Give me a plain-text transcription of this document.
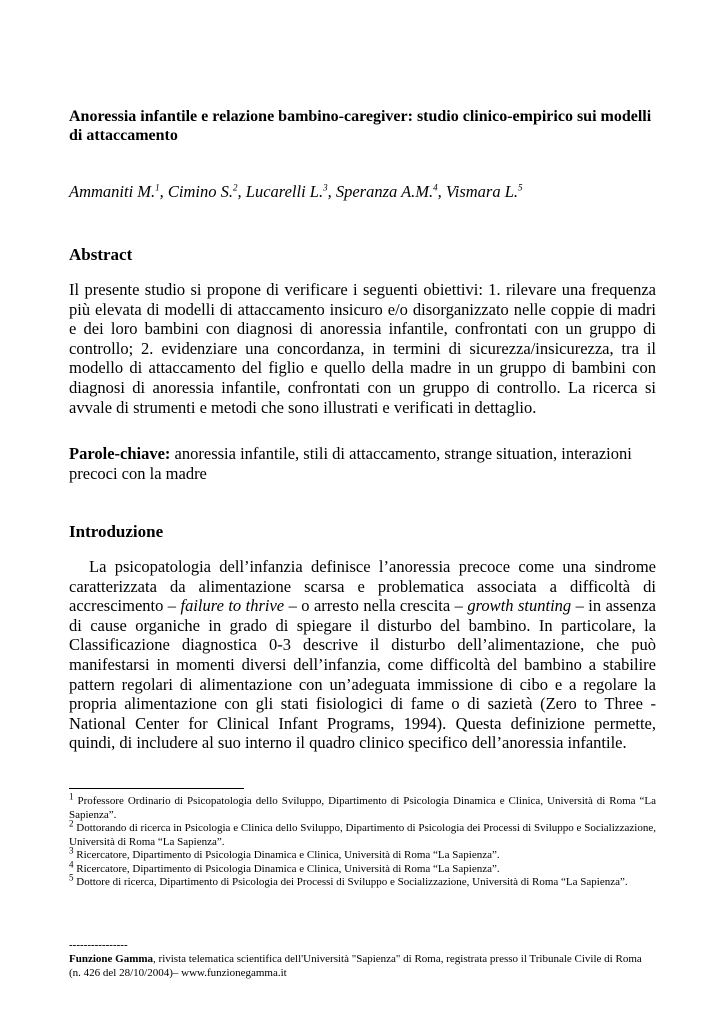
Anoressia infantile e relazione bambino-caregiver: studio clinico-empirico sui modelli di attaccamento

Ammaniti M.$^1$, Cimino S.$^2$, Lucarelli L.$^3$, Speranza A.M.$^4$, Vismara L.$^5$

Abstract

Il presente studio si propone di verificare i seguenti obiettivi: 1. rilevare una frequenza più elevata di modelli di attaccamento insicuro e/o disorganizzato nelle coppie di madri e dei loro bambini con diagnosi di anoressia infantile, confrontati con un gruppo di controllo; 2. evidenziare una concordanza, in termini di sicurezza/insicurezza, tra il modello di attaccamento del figlio e quello della madre in un gruppo di bambini con diagnosi di anoressia infantile, confrontati con un gruppo di controllo. La ricerca si avvale di strumenti e metodi che sono illustrati e verificati in dettaglio.

Parole-chiave: anoressia infantile, stili di attaccamento, strange situation, interazioni precoci con la madre

Introduzione

La psicopatologia dell’infanzia definisce l’anoressia precoce come una sindrome caratterizzata da alimentazione scarsa e problematica associata a difficoltà di accrescimento – failure to thrive – o arresto nella crescita – growth stunting – in assenza di cause organiche in grado di spiegare il disturbo del bambino. In particolare, la Classificazione diagnostica 0-3 descrive il disturbo dell’alimentazione, che può manifestarsi in momenti diversi dell’infanzia, come difficoltà del bambino a stabilire pattern regolari di alimentazione con un’adeguata immissione di cibo e a regolare la propria alimentazione con gli stati fisiologici di fame o di sazietà (Zero to Three - National Center for Clinical Infant Programs, 1994). Questa definizione permette, quindi, di includere al suo interno il quadro clinico specifico dell’anoressia infantile.

$^1$ Professore Ordinario di Psicopatologia dello Sviluppo, Dipartimento di Psicologia Dinamica e Clinica, Università di Roma “La Sapienza”.

$^2$ Dottorando di ricerca in Psicologia e Clinica dello Sviluppo, Dipartimento di Psicologia dei Processi di Sviluppo e Socializzazione, Università di Roma “La Sapienza”.

$^3$ Ricercatore, Dipartimento di Psicologia Dinamica e Clinica, Università di Roma “La Sapienza”.

$^4$ Ricercatore, Dipartimento di Psicologia Dinamica e Clinica, Università di Roma “La Sapienza”.

$^5$ Dottore di ricerca, Dipartimento di Psicologia dei Processi di Sviluppo e Socializzazione, Università di Roma “La Sapienza”.

----------------

Funzione Gamma, rivista telematica scientifica dell'Università "Sapienza" di Roma, registrata presso il Tribunale Civile di Roma (n. 426 del 28/10/2004)– www.funzionegamma.it
